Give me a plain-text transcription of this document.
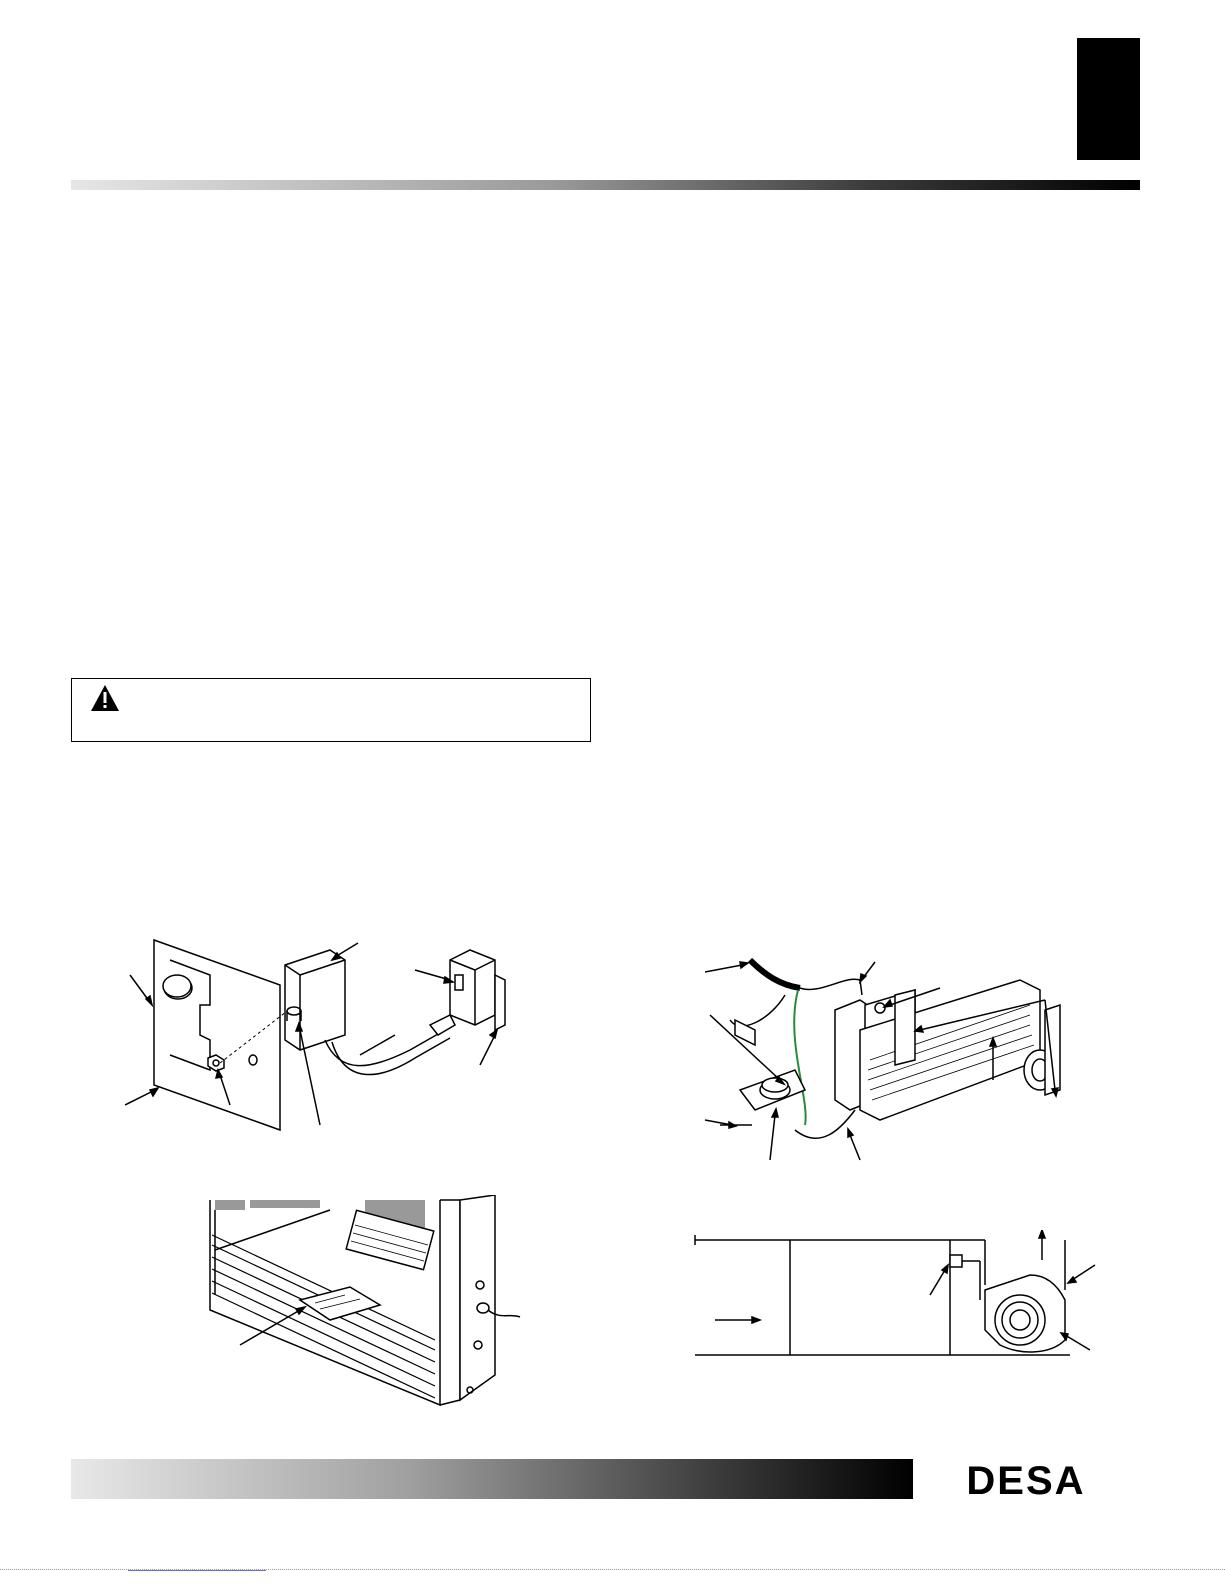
DESA
